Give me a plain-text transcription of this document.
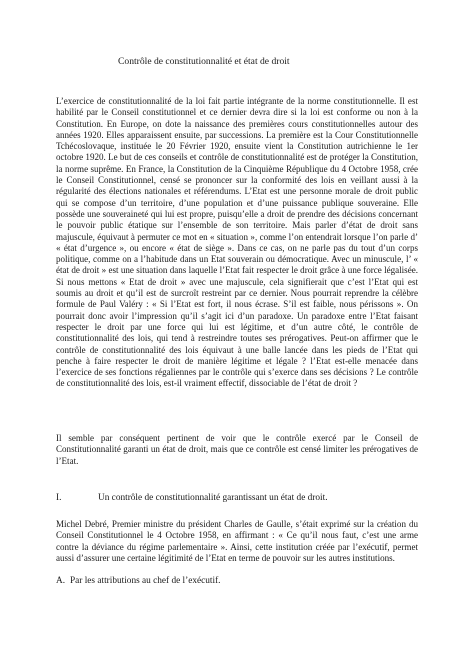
Contrôle de constitutionnalité et état de droit

L’exercice de constitutionnalité de la loi fait partie intégrante de la norme constitutionnelle. Il est habilité par le Conseil constitutionnel et ce dernier devra dire si la loi est conforme ou non à la Constitution. En Europe, on dote la naissance des premières cours constitutionnelles autour des années 1920. Elles apparaissent ensuite, par successions. La première est la Cour Constitutionnelle Tchécoslovaque, instituée le 20 Février 1920, ensuite vient la Constitution autrichienne le 1er octobre 1920. Le but de ces conseils et contrôle de constitutionnalité est de protéger la Constitution, la norme suprême. En France, la Constitution de la Cinquième République du 4 Octobre 1958, crée le Conseil Constitutionnel, censé se prononcer sur la conformité des lois en veillant aussi à la régularité des élections nationales et référendums. L’Etat est une personne morale de droit public qui se compose d’un territoire, d’une population et d’une puissance publique souveraine. Elle possède une souveraineté qui lui est propre, puisqu’elle a droit de prendre des décisions concernant le pouvoir public étatique sur l’ensemble de son territoire. Mais parler d’état de droit sans majuscule, équivaut à permuter ce mot en « situation », comme l’on entendrait lorsque l’on parle d’ « état d’urgence », ou encore « état de siège ». Dans ce cas, on ne parle pas du tout d’un corps politique, comme on a l’habitude dans un Etat souverain ou démocratique. Avec un minuscule, l’ « état de droit » est une situation dans laquelle l’Etat fait respecter le droit grâce à une force légalisée. Si nous mettons « Etat de droit » avec une majuscule, cela signifierait que c’est l’Etat qui est soumis au droit et qu’il est de surcroît restreint par ce dernier. Nous pourrait reprendre la célèbre formule de Paul Valéry : « Si l’Etat est fort, il nous écrase. S’il est faible, nous périssons ». On pourrait donc avoir l’impression qu’il s’agit ici d’un paradoxe. Un paradoxe entre l’Etat faisant respecter le droit par une force qui lui est légitime, et d’un autre côté, le contrôle de constitutionnalité des lois, qui tend à restreindre toutes ses prérogatives. Peut-on affirmer que le contrôle de constitutionnalité des lois équivaut à une balle lancée dans les pieds de l’Etat qui penche à faire respecter le droit de manière légitime et légale ? l’Etat est-elle menacée dans l’exercice de ses fonctions régaliennes par le contrôle qui s’exerce dans ses décisions ? Le contrôle de constitutionnalité des lois, est-il vraiment effectif, dissociable de l’état de droit ?

Il semble par conséquent pertinent de voir que le contrôle exercé par le Conseil de Constitutionnalité garanti un état de droit, mais que ce contrôle est censé limiter les prérogatives de l’Etat.

I.	Un contrôle de constitutionnalité garantissant un état de droit.

Michel Debré, Premier ministre du président Charles de Gaulle, s’était exprimé sur la création du Conseil Constitutionnel le 4 Octobre 1958, en affirmant : « Ce qu’il nous faut, c’est une arme contre la déviance du régime parlementaire ». Ainsi, cette institution créée par l’exécutif, permet aussi d’assurer une certaine légitimité de l’Etat en terme de pouvoir sur les autres institutions.

A. Par les attributions au chef de l’exécutif.
